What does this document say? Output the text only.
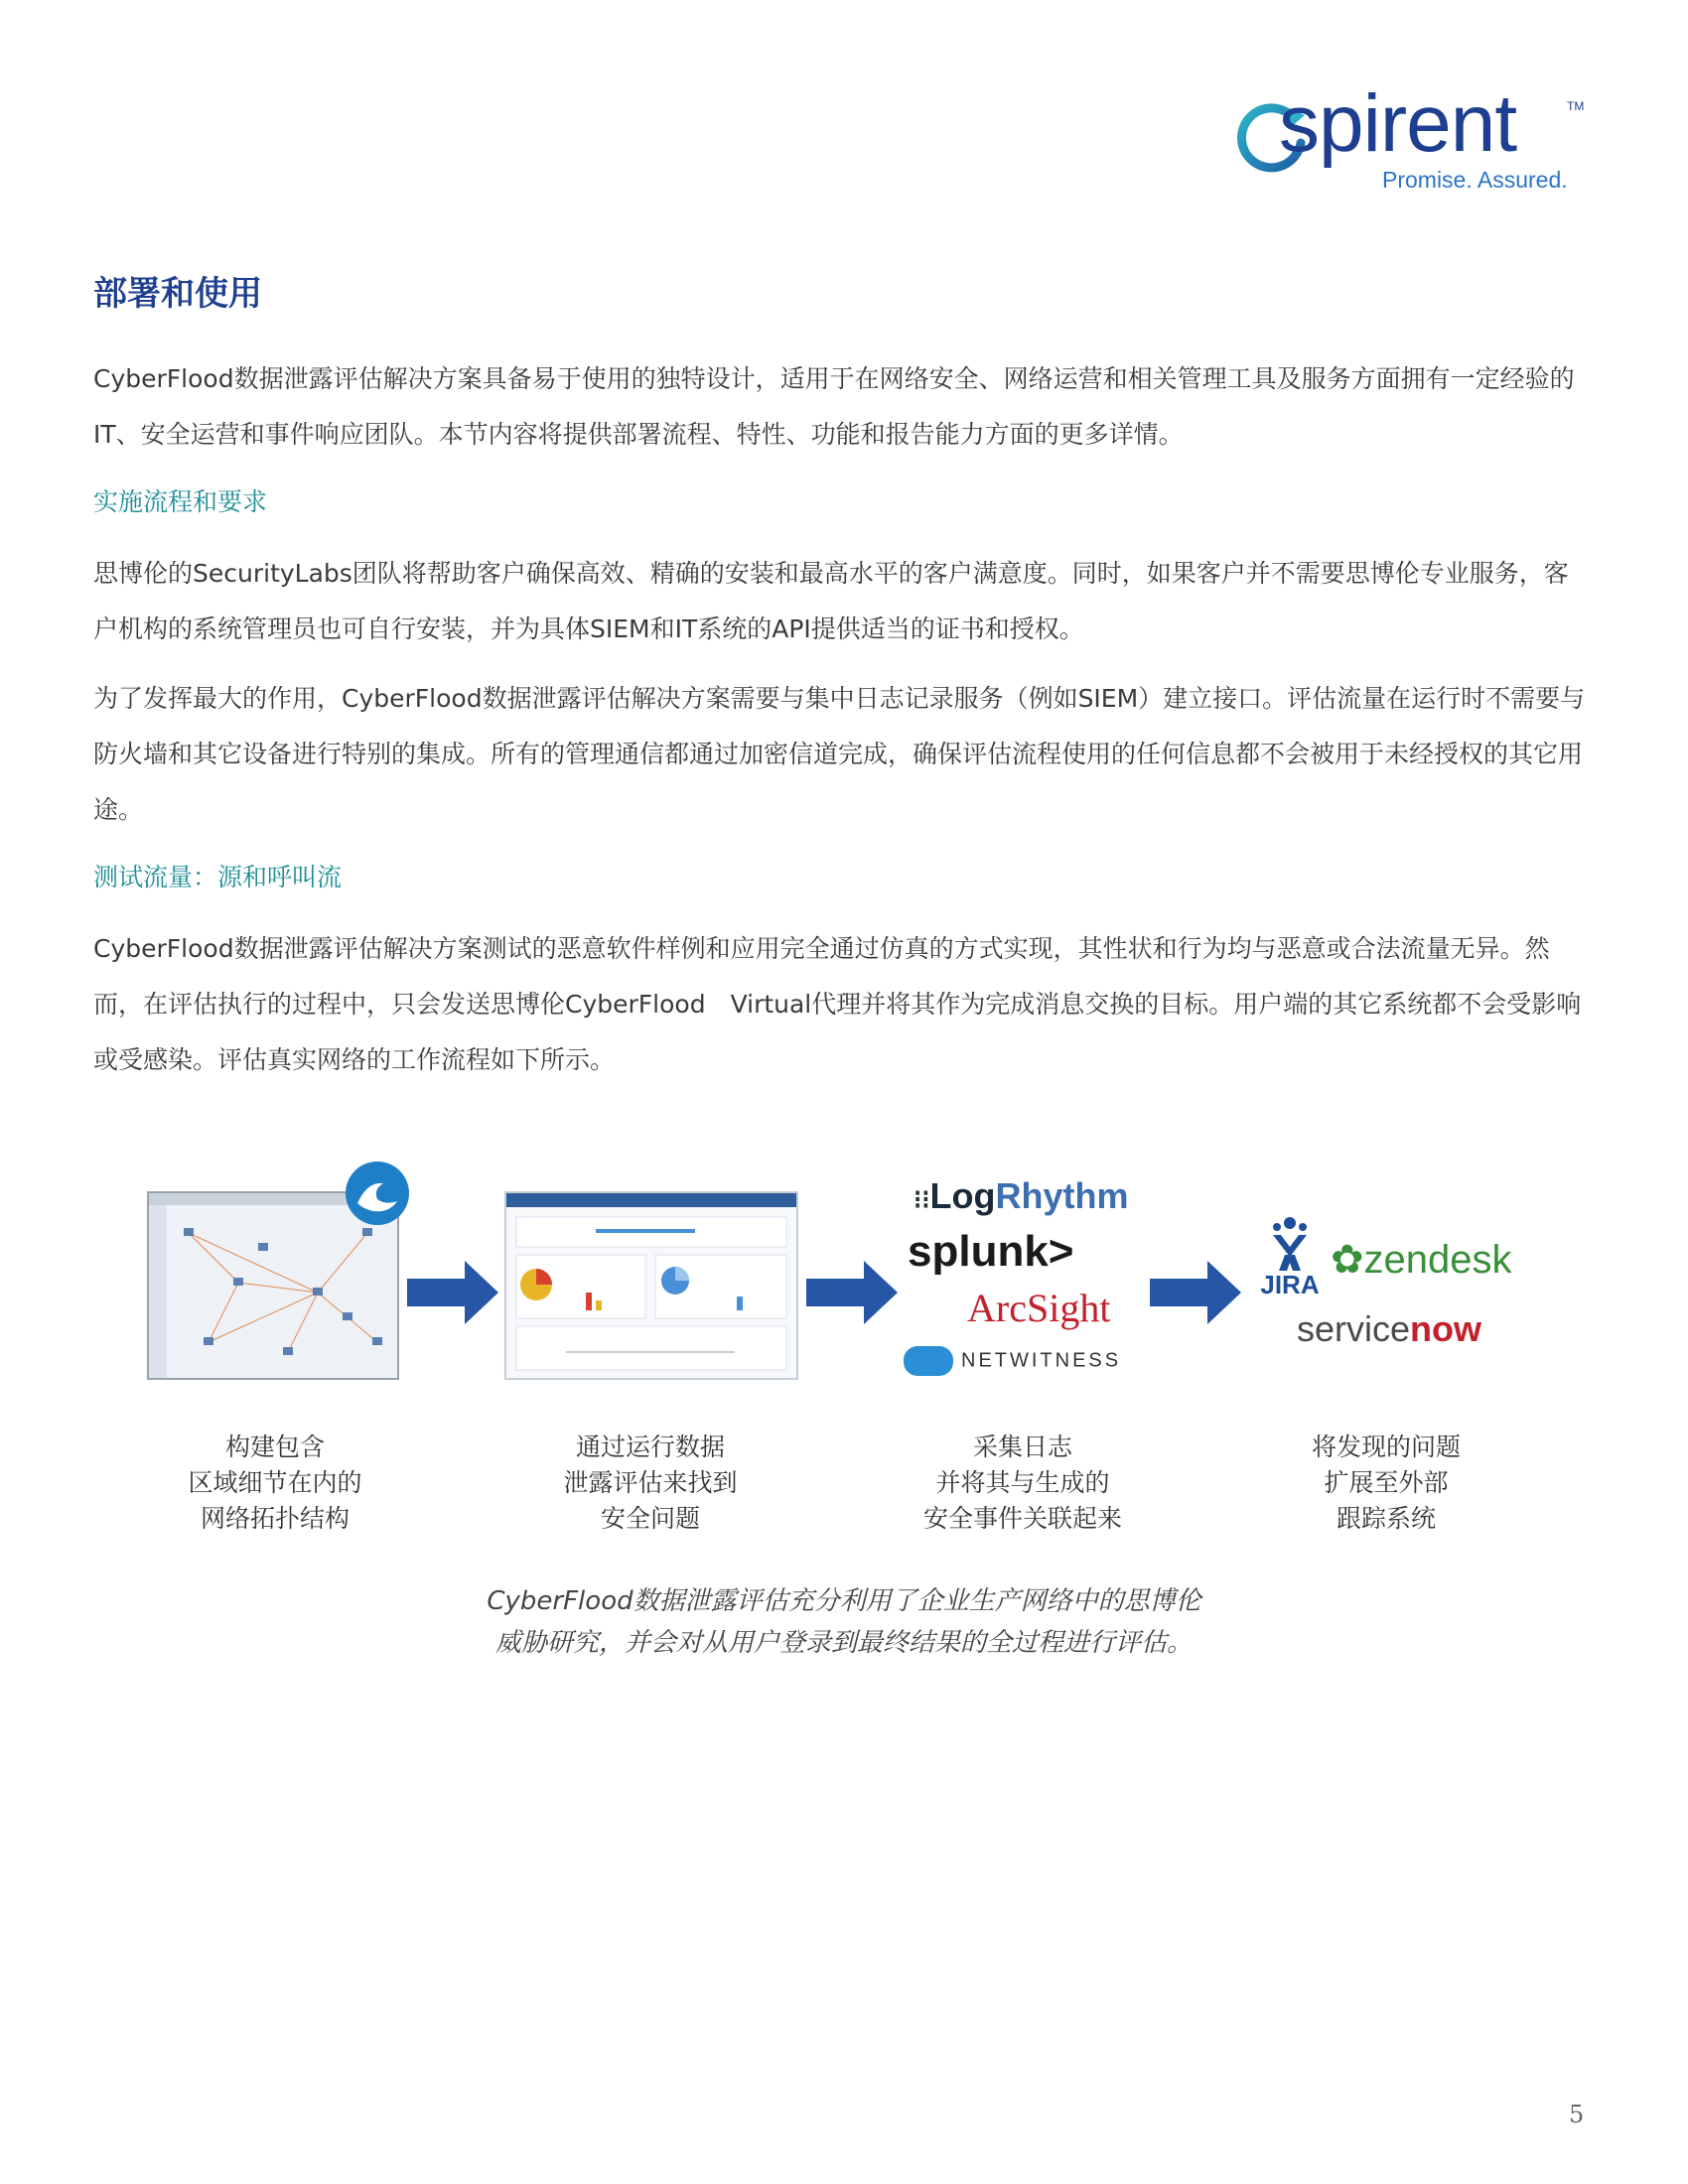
spirent	TM
Promise. Assured.
部署和使用

CyberFlood数据泄露评估解决方案具备易于使用的独特设计，适用于在网络安全、网络运营和相关管理工具及服务方面拥有一定经验的IT、安全运营和事件响应团队。本节内容将提供部署流程、特性、功能和报告能力方面的更多详情。

实施流程和要求

思博伦的SecurityLabs团队将帮助客户确保高效、精确的安装和最高水平的客户满意度。同时，如果客户并不需要思博伦专业服务，客户机构的系统管理员也可自行安装，并为具体SIEM和IT系统的API提供适当的证书和授权。

为了发挥最大的作用，CyberFlood数据泄露评估解决方案需要与集中日志记录服务（例如SIEM）建立接口。评估流量在运行时不需要与防火墙和其它设备进行特别的集成。所有的管理通信都通过加密信道完成，确保评估流程使用的任何信息都不会被用于未经授权的其它用途。

测试流量：源和呼叫流

CyberFlood数据泄露评估解决方案测试的恶意软件样例和应用完全通过仿真的方式实现，其性状和行为均与恶意或合法流量无异。然而，在评估执行的过程中，只会发送思博伦CyberFlood　Virtual代理并将其作为完成消息交换的目标。用户端的其它系统都不会受影响或受感染。评估真实网络的工作流程如下所示。

⁝⁝LogRhythm
splunk>
ArcSight
NETWITNESS
JIRA
✿zendesk
servicenow
构建包含
区域细节在内的
网络拓扑结构
通过运行数据
泄露评估来找到
安全问题
采集日志
并将其与生成的
安全事件关联起来
将发现的问题
扩展至外部
跟踪系统
CyberFlood数据泄露评估充分利用了企业生产网络中的思博伦
威胁研究，并会对从用户登录到最终结果的全过程进行评估。
5
